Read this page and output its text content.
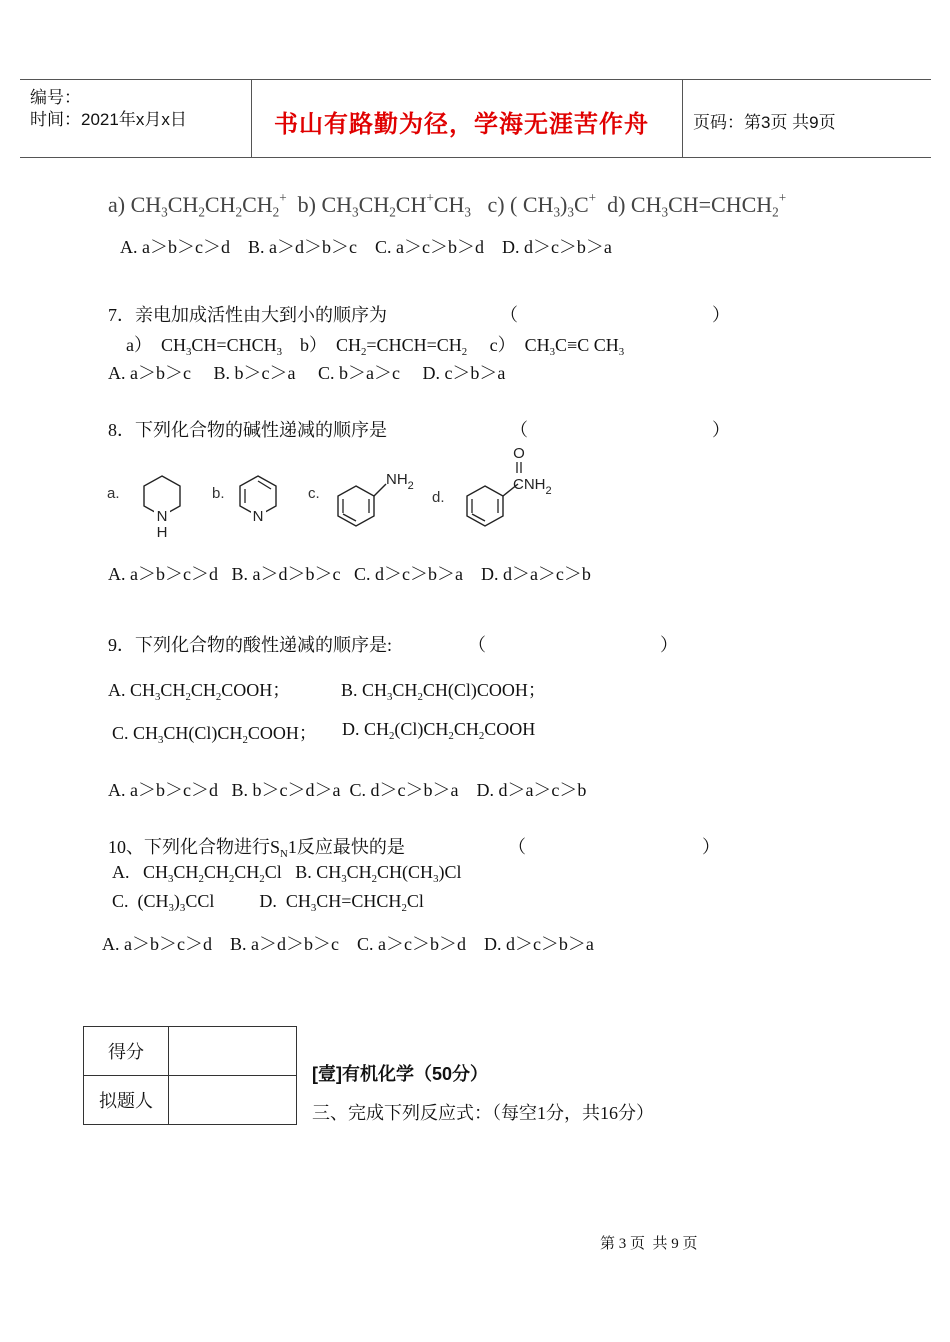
编号：
时间：2021年x月x日	书山有路勤为径，学海无涯苦作舟	页码：第3页 共9页
a) $CH_3CH_2CH_2CH_2^+$ b) $CH_3CH_2CH^+CH_3$ c) ( $CH_3)_3C^+$ d) $CH_3CH=CHCH_2^+$
A. a＞b＞c＞d    B. a＞d＞b＞c    C. a＞c＞b＞d    D. d＞c＞b＞a
7．亲电加成活性由大到小的顺序为	（	）
a）  $CH_3CH=CHCH_3$ b）  $CH_2=CHCH=CH_2$ c）  $CH_3C\equiv C$ $CH_3$
A. a＞b＞c     B. b＞c＞a     C. b＞a＞c     D. c＞b＞a
8．下列化合物的碱性递减的顺序是	（	）
a.
N
H
b.
N
c.
$NH_2$
d.
O
$CNH_2$
A. a＞b＞c＞d   B. a＞d＞b＞c   C. d＞c＞b＞a    D. d＞a＞c＞b
9．下列化合物的酸性递减的顺序是:	（	）
A. $CH_3CH_2CH_2COOH$；	B. $CH_3CH_2CH(Cl)COOH$；
C. $CH_3CH(Cl)CH_2COOH$； D. $CH_2(Cl)CH_2CH_2COOH$
A. a＞b＞c＞d   B. b＞c＞d＞a  C. d＞c＞b＞a    D. d＞a＞c＞b
10、下列化合物进行$S_N1$反应最快的是	（	）
A.   $CH_3CH_2CH_2CH_2Cl$   B. $CH_3CH_2CH(CH_3)Cl$
C.  $(CH_3)_3CCl$          D.  $CH_3CH=CHCH_2Cl$
A. a＞b＞c＞d    B. a＞d＞b＞c    C. a＞c＞b＞d    D. d＞c＞b＞a
得分	
拟题人	
[壹]有机化学（50分）
三、完成下列反应式：（每空1分，共16分）
第 3 页  共 9 页
